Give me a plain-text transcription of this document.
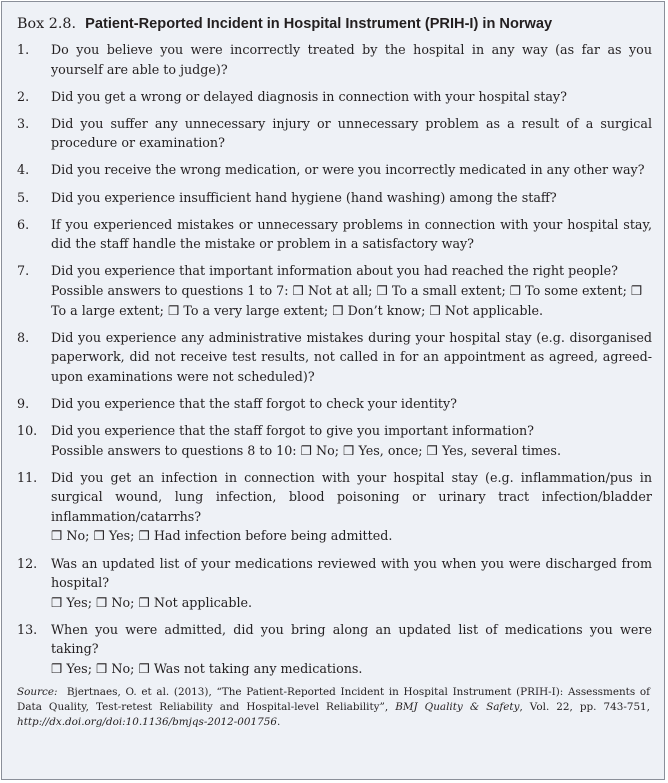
Box 2.8. Patient-Reported Incident in Hospital Instrument (PRIH-I) in Norway
1.	Do you believe you were incorrectly treated by the hospital in any way (as far as you yourself are able to judge)?
2.	Did you get a wrong or delayed diagnosis in connection with your hospital stay?
3.	Did you suffer any unnecessary injury or unnecessary problem as a result of a surgical procedure or examination?
4.	Did you receive the wrong medication, or were you incorrectly medicated in any other way?
5.	Did you experience insufficient hand hygiene (hand washing) among the staff?
6.	If you experienced mistakes or unnecessary problems in connection with your hospital stay, did the staff handle the mistake or problem in a satisfactory way?
7.	Did you experience that important information about you had reached the right people?
Possible answers to questions 1 to 7: ❒ Not at all; ❒ To a small extent; ❒ To some extent; ❒ To a large extent; ❒ To a very large extent; ❒ Don’t know; ❒ Not applicable.
8.	Did you experience any administrative mistakes during your hospital stay (e.g. disorganised paperwork, did not receive test results, not called in for an appointment as agreed, agreed-upon examinations were not scheduled)?
9.	Did you experience that the staff forgot to check your identity?
10.	Did you experience that the staff forgot to give you important information?
Possible answers to questions 8 to 10: ❒ No; ❒ Yes, once; ❒ Yes, several times.
11.	Did you get an infection in connection with your hospital stay (e.g. inflammation/pus in surgical wound, lung infection, blood poisoning or urinary tract infection/bladder inflammation/catarrhs?
❒ No; ❒ Yes; ❒ Had infection before being admitted.
12.	Was an updated list of your medications reviewed with you when you were discharged from hospital?
❒ Yes; ❒ No; ❒ Not applicable.
13.	When you were admitted, did you bring along an updated list of medications you were taking?
❒ Yes; ❒ No; ❒ Was not taking any medications.
Source: Bjertnaes, O. et al. (2013), “The Patient-Reported Incident in Hospital Instrument (PRIH-I): Assessments of Data Quality, Test-retest Reliability and Hospital-level Reliability”, BMJ Quality & Safety, Vol. 22, pp. 743-751, http://dx.doi.org/doi:10.1136/bmjqs-2012-001756.
